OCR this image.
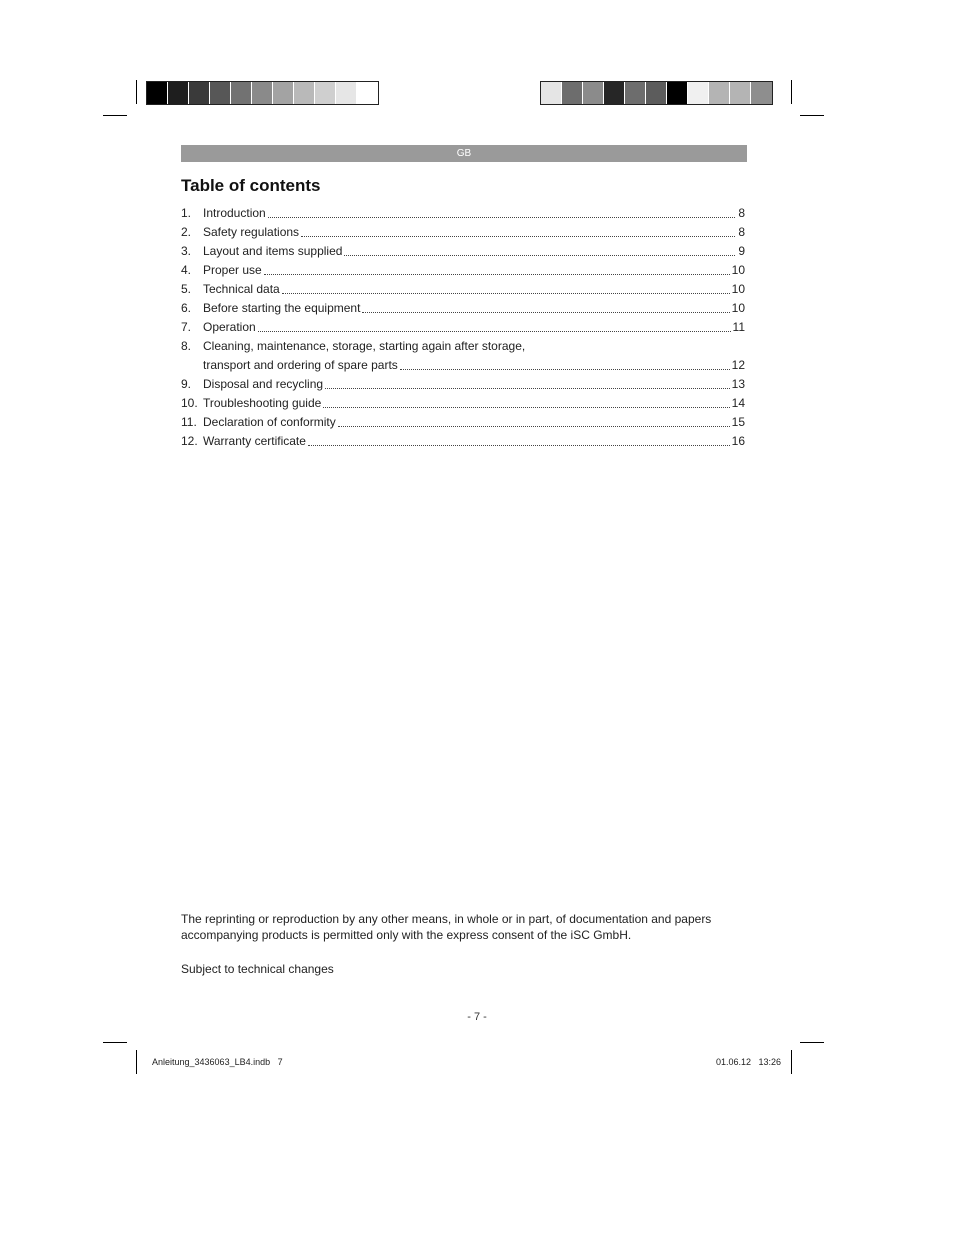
GB
Table of contents
1. Introduction	8
2. Safety regulations	8
3. Layout and items supplied	9
4. Proper use	10
5. Technical data	10
6. Before starting the equipment	10
7. Operation	11
8. Cleaning, maintenance, storage, starting again after storage,
transport and ordering of spare parts	12
9. Disposal and recycling	13
10. Troubleshooting guide	14
11. Declaration of conformity	15
12. Warranty certificate	16

The reprinting or reproduction by any other means, in whole or in part, of documentation and papers accompanying products is permitted only with the express consent of the iSC GmbH.

Subject to technical changes

- 7 -
Anleitung_3436063_LB4.indb   7	01.06.12   13:26
